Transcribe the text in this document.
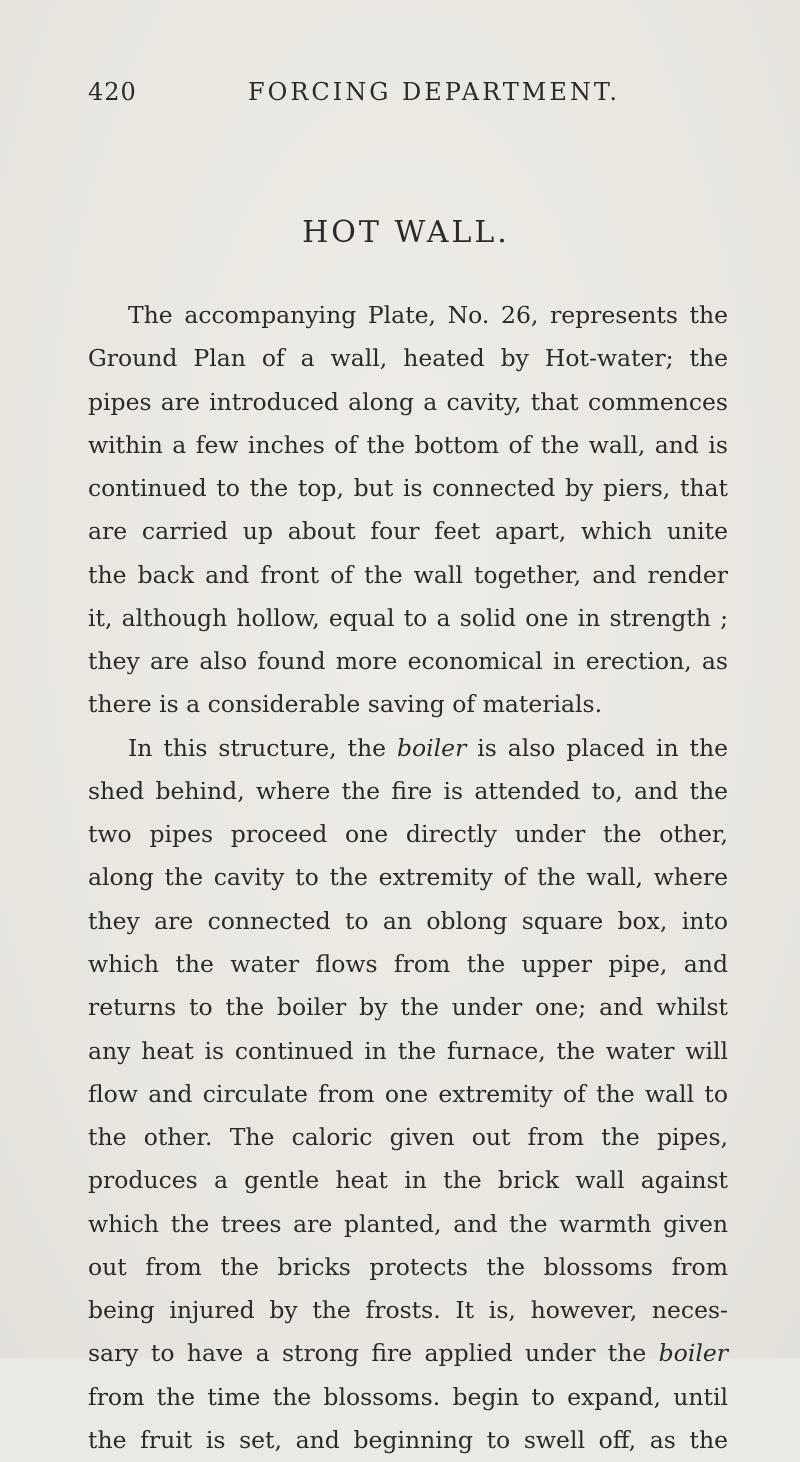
420	FORCING DEPARTMENT.
HOT WALL.
The accompanying Plate, No. 26, represents the
Ground Plan of a wall, heated by Hot-water; the
pipes are introduced along a cavity, that commences
within a few inches of the bottom of the wall, and is
continued to the top, but is connected by piers, that
are carried up about four feet apart, which unite
the back and front of the wall together, and render
it, although hollow, equal to a solid one in strength ;
they are also found more economical in erection, as
there is a considerable saving of materials.
In this structure, the boiler is also placed in the
shed behind, where the fire is attended to, and the
two pipes proceed one directly under the other,
along the cavity to the extremity of the wall, where
they are connected to an oblong square box, into
which the water flows from the upper pipe, and
returns to the boiler by the under one; and whilst
any heat is continued in the furnace, the water will
flow and circulate from one extremity of the wall to
the other. The caloric given out from the pipes,
produces a gentle heat in the brick wall against
which the trees are planted, and the warmth given
out from the bricks protects the blossoms from
being injured by the frosts. It is, however, neces-
sary to have a strong fire applied under the boiler
from the time the blossoms. begin to expand, until
the fruit is set, and beginning to swell off, as the
